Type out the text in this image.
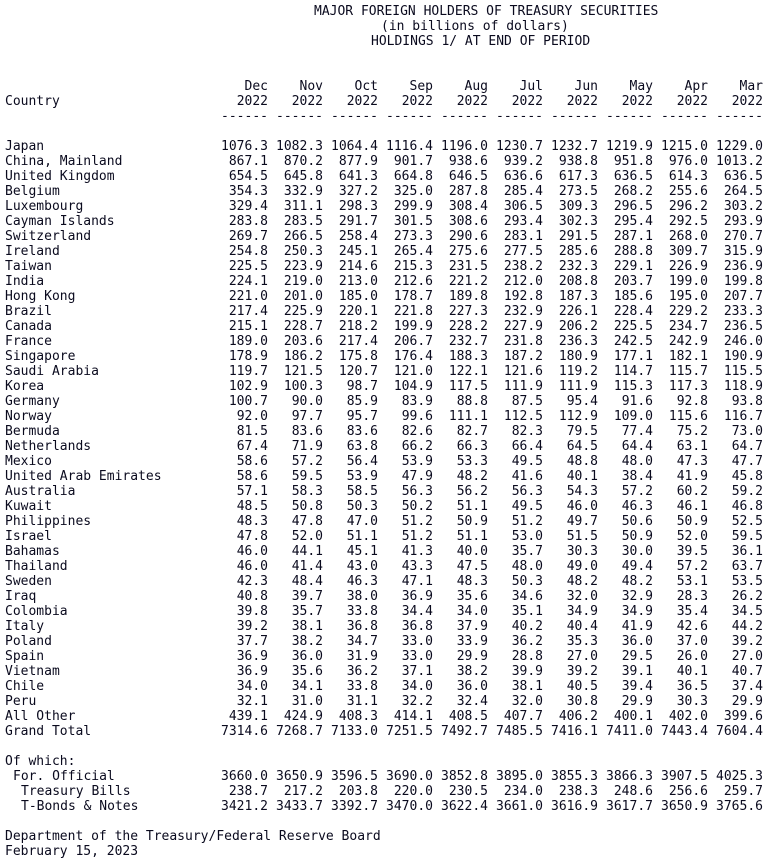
MAJOR FOREIGN HOLDERS OF TREASURY SECURITIES
(in billions of dollars)
HOLDINGS 1/ AT END OF PERIOD
Dec	Nov	Oct	Sep	Aug	Jul	Jun	May	Apr	Mar
Country	2022	2022	2022	2022	2022	2022	2022	2022	2022	2022
------ ------ ------ ------ ------ ------ ------ ------ ------ ------
Japan	1076.3 1082.3 1064.4 1116.4 1196.0 1230.7 1232.7 1219.9 1215.0 1229.0
China, Mainland	867.1	870.2	877.9	901.7	938.6	939.2	938.8	951.8	976.0 1013.2
United Kingdom	654.5	645.8	641.3	664.8	646.5	636.6	617.3	636.5	614.3	636.5
Belgium	354.3	332.9	327.2	325.0	287.8	285.4	273.5	268.2	255.6	264.5
Luxembourg	329.4	311.1	298.3	299.9	308.4	306.5	309.3	296.5	296.2	303.2
Cayman Islands	283.8	283.5	291.7	301.5	308.6	293.4	302.3	295.4	292.5	293.9
Switzerland	269.7	266.5	258.4	273.3	290.6	283.1	291.5	287.1	268.0	270.7
Ireland	254.8	250.3	245.1	265.4	275.6	277.5	285.6	288.8	309.7	315.9
Taiwan	225.5	223.9	214.6	215.3	231.5	238.2	232.3	229.1	226.9	236.9
India	224.1	219.0	213.0	212.6	221.2	212.0	208.8	203.7	199.0	199.8
Hong Kong	221.0	201.0	185.0	178.7	189.8	192.8	187.3	185.6	195.0	207.7
Brazil	217.4	225.9	220.1	221.8	227.3	232.9	226.1	228.4	229.2	233.3
Canada	215.1	228.7	218.2	199.9	228.2	227.9	206.2	225.5	234.7	236.5
France	189.0	203.6	217.4	206.7	232.7	231.8	236.3	242.5	242.9	246.0
Singapore	178.9	186.2	175.8	176.4	188.3	187.2	180.9	177.1	182.1	190.9
Saudi Arabia	119.7	121.5	120.7	121.0	122.1	121.6	119.2	114.7	115.7	115.5
Korea	102.9	100.3	98.7	104.9	117.5	111.9	111.9	115.3	117.3	118.9
Germany	100.7	90.0	85.9	83.9	88.8	87.5	95.4	91.6	92.8	93.8
Norway	92.0	97.7	95.7	99.6	111.1	112.5	112.9	109.0	115.6	116.7
Bermuda	81.5	83.6	83.6	82.6	82.7	82.3	79.5	77.4	75.2	73.0
Netherlands	67.4	71.9	63.8	66.2	66.3	66.4	64.5	64.4	63.1	64.7
Mexico	58.6	57.2	56.4	53.9	53.3	49.5	48.8	48.0	47.3	47.7
United Arab Emirates	58.6	59.5	53.9	47.9	48.2	41.6	40.1	38.4	41.9	45.8
Australia	57.1	58.3	58.5	56.3	56.2	56.3	54.3	57.2	60.2	59.2
Kuwait	48.5	50.8	50.3	50.2	51.1	49.5	46.0	46.3	46.1	46.8
Philippines	48.3	47.8	47.0	51.2	50.9	51.2	49.7	50.6	50.9	52.5
Israel	47.8	52.0	51.1	51.2	51.1	53.0	51.5	50.9	52.0	59.5
Bahamas	46.0	44.1	45.1	41.3	40.0	35.7	30.3	30.0	39.5	36.1
Thailand	46.0	41.4	43.0	43.3	47.5	48.0	49.0	49.4	57.2	63.7
Sweden	42.3	48.4	46.3	47.1	48.3	50.3	48.2	48.2	53.1	53.5
Iraq	40.8	39.7	38.0	36.9	35.6	34.6	32.0	32.9	28.3	26.2
Colombia	39.8	35.7	33.8	34.4	34.0	35.1	34.9	34.9	35.4	34.5
Italy	39.2	38.1	36.8	36.8	37.9	40.2	40.4	41.9	42.6	44.2
Poland	37.7	38.2	34.7	33.0	33.9	36.2	35.3	36.0	37.0	39.2
Spain	36.9	36.0	31.9	33.0	29.9	28.8	27.0	29.5	26.0	27.0
Vietnam	36.9	35.6	36.2	37.1	38.2	39.9	39.2	39.1	40.1	40.7
Chile	34.0	34.1	33.8	34.0	36.0	38.1	40.5	39.4	36.5	37.4
Peru	32.1	31.0	31.1	32.2	32.4	32.0	30.8	29.9	30.3	29.9
All Other	439.1	424.9	408.3	414.1	408.5	407.7	406.2	400.1	402.0	399.6
Grand Total	7314.6 7268.7 7133.0 7251.5 7492.7 7485.5 7416.1 7411.0 7443.4 7604.4
Of which:
For. Official	3660.0 3650.9 3596.5 3690.0 3852.8 3895.0 3855.3 3866.3 3907.5 4025.3
Treasury Bills	238.7	217.2	203.8	220.0	230.5	234.0	238.3	248.6	256.6	259.7
T-Bonds & Notes	3421.2 3433.7 3392.7 3470.0 3622.4 3661.0 3616.9 3617.7 3650.9 3765.6
Department of the Treasury/Federal Reserve Board
February 15, 2023
